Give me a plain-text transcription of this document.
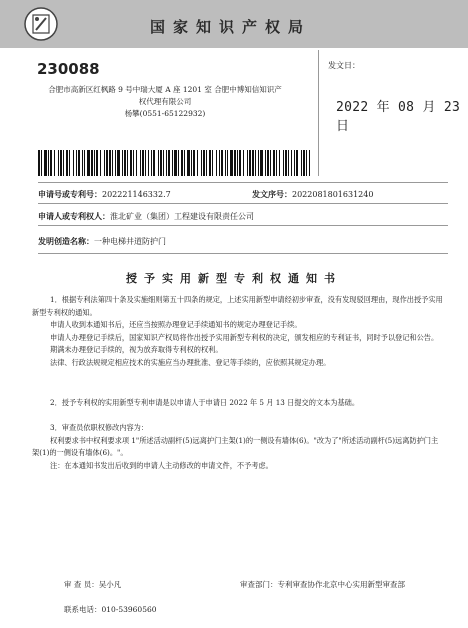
国家知识产权局
230088
合肥市高新区红枫路 9 号中瑞大厦 A 座 1201 室 合肥中博知信知识产
权代理有限公司
杨攀(0551-65122932)
发文日：
2022 年 08 月 23 日
申请号或专利号：202221146332.7	发文序号：2022081801631240
申请人或专利权人：淮北矿业（集团）工程建设有限责任公司
发明创造名称：一种电梯井道防护门
授予实用新型专利权通知书

1．根据专利法第四十条及实施细则第五十四条的规定，上述实用新型申请经初步审查，没有发现驳回理由，现作出授予实用新型专利权的通知。

申请人收到本通知书后，还应当按照办理登记手续通知书的规定办理登记手续。

申请人办理登记手续后，国家知识产权局将作出授予实用新型专利权的决定，颁发相应的专利证书，同时予以登记和公告。

期满未办理登记手续的，视为放弃取得专利权的权利。

法律、行政法规规定相应技术的实施应当办理批准、登记等手续的，应依照其规定办理。

2．授予专利权的实用新型专利申请是以申请人于申请日 2022 年 5 月 13 日提交的文本为基础。

3．审查员依职权修改内容为：

权利要求书中权利要求项 1"所述活动副杆(5)远离护门主架(1)的一侧设有墙体(6)。"改为了"所述活动副杆(5)远离防护门主架(1)的一侧设有墙体(6)。"。

注：在本通知书发出后收到的申请人主动修改的申请文件，不予考虑。

审 查 员：吴小凡	审查部门：专利审查协作北京中心实用新型审查部
联系电话：010-53960560
